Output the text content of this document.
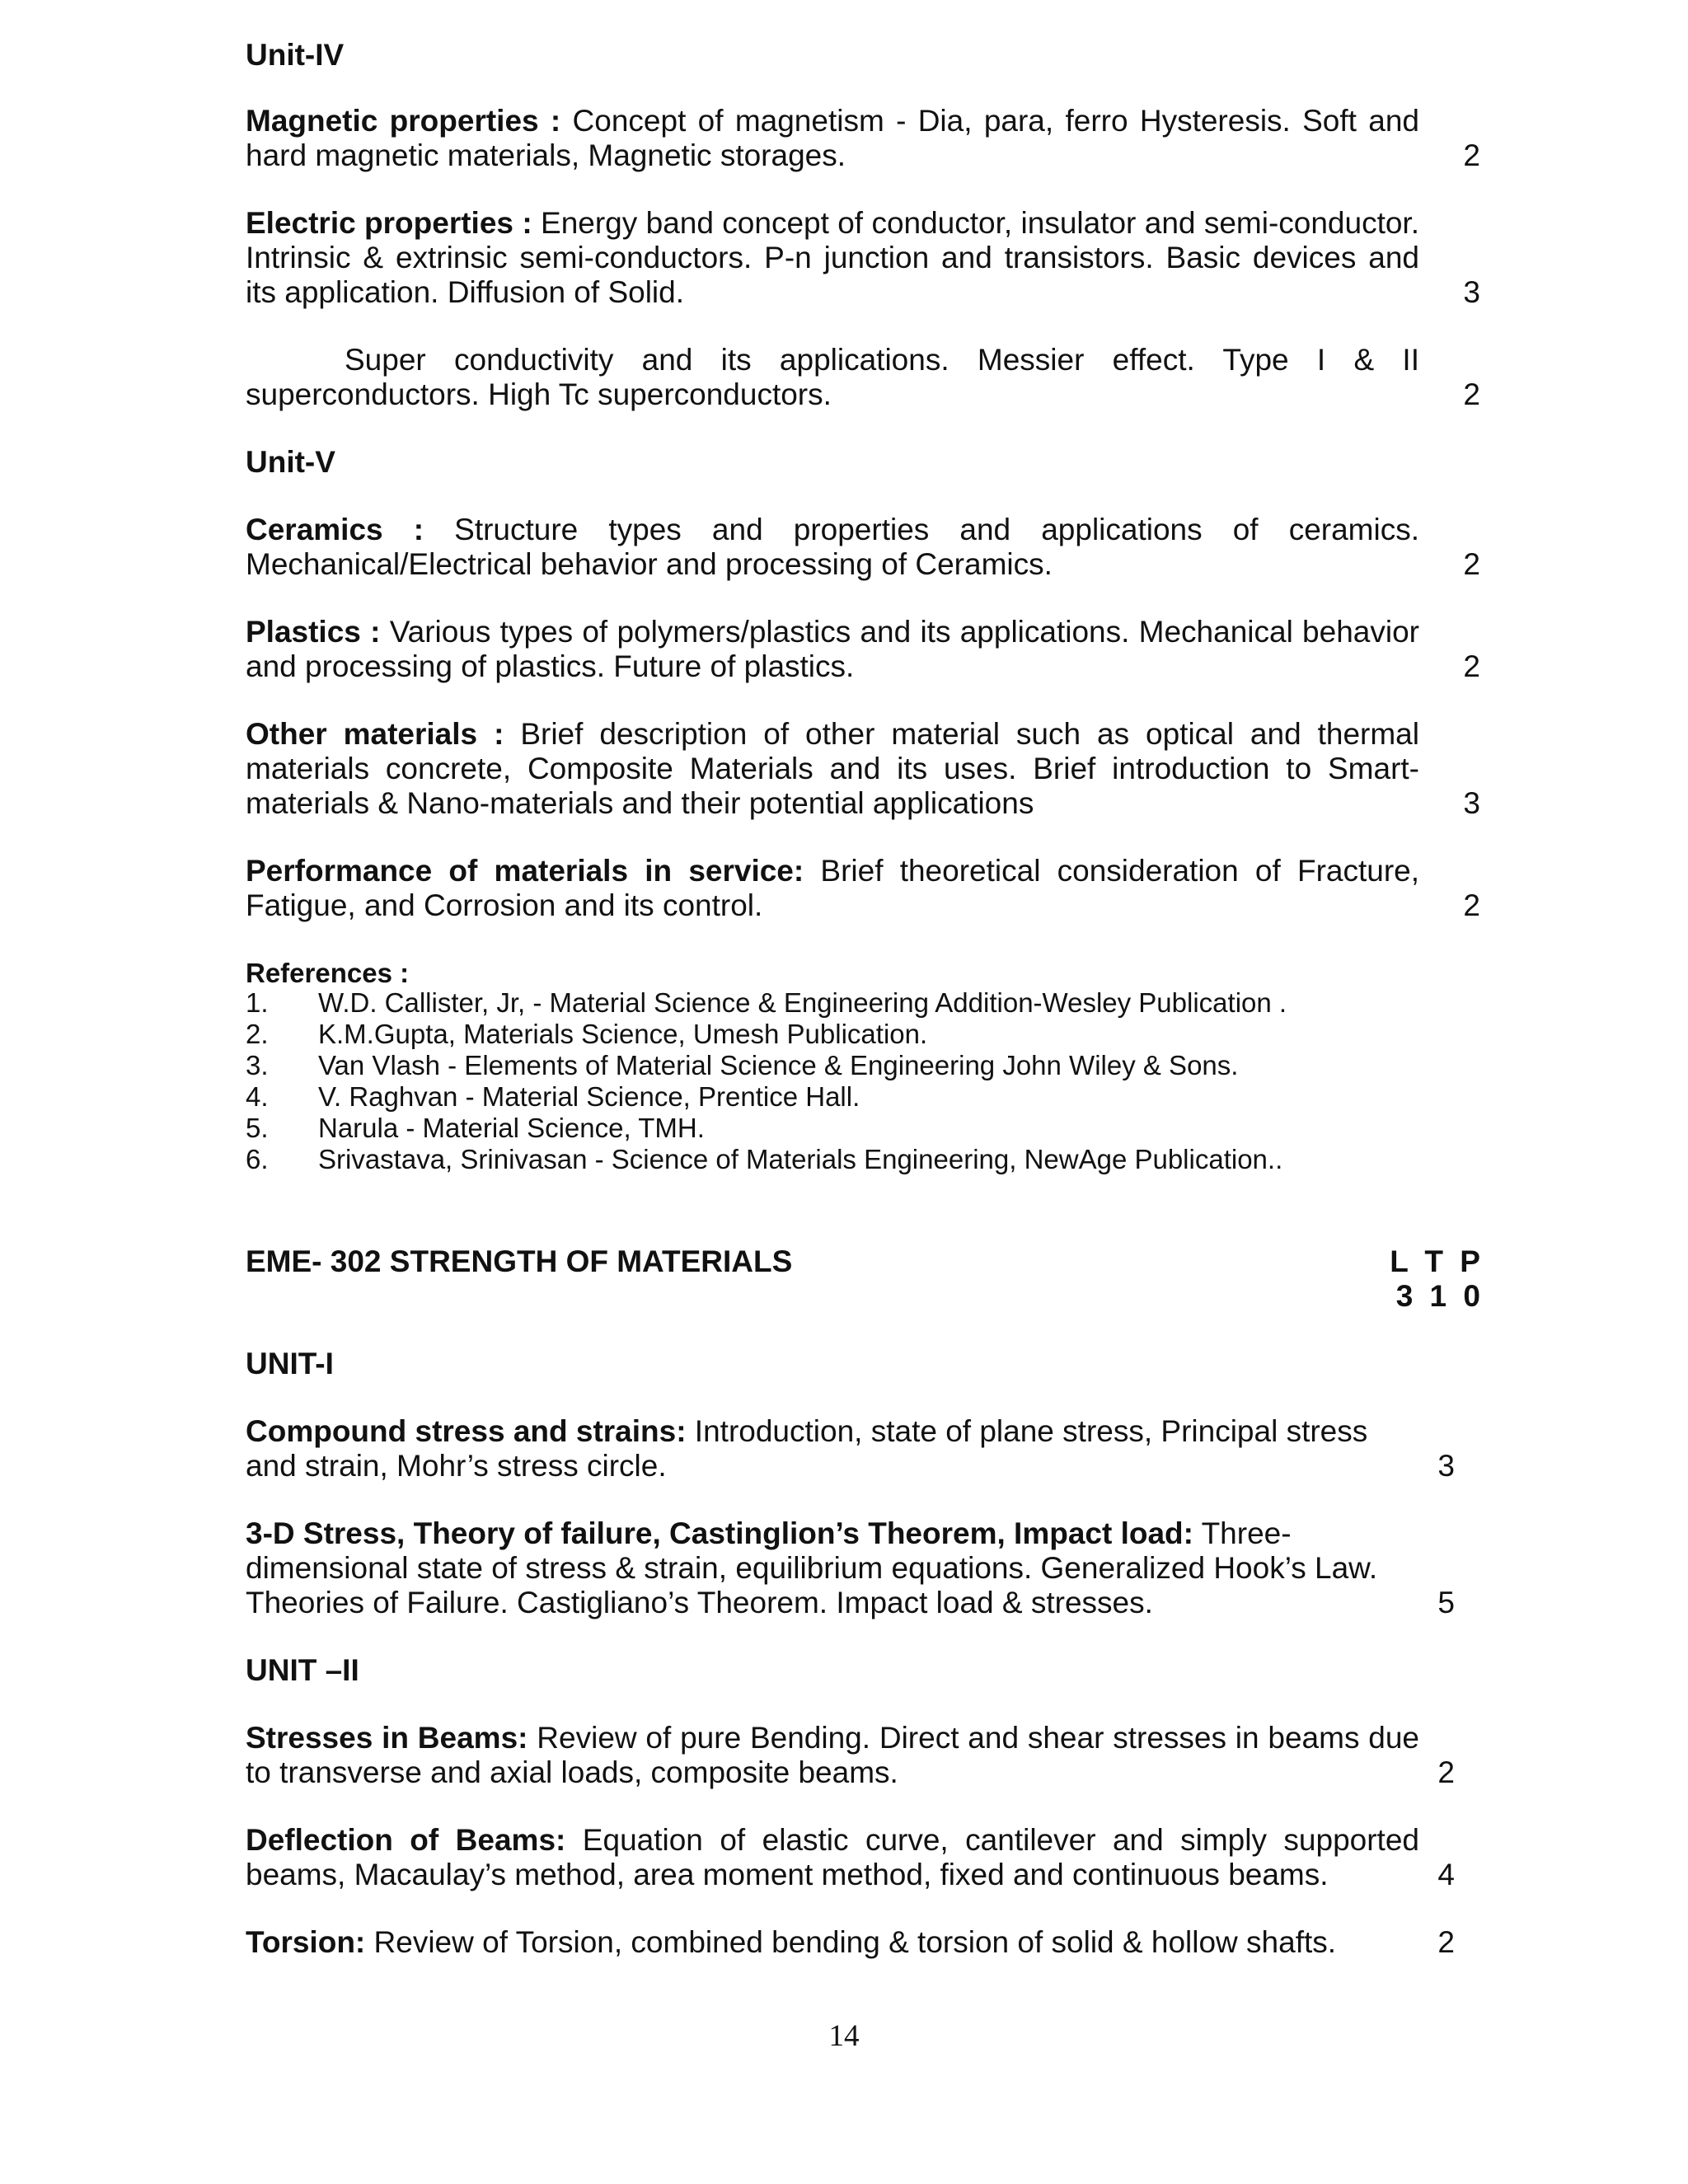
Unit-IV
Magnetic properties : Concept of magnetism - Dia, para, ferro Hysteresis. Soft and hard magnetic materials, Magnetic storages.	2
Electric properties : Energy band concept of conductor, insulator and semi-conductor. Intrinsic & extrinsic semi-conductors. P-n junction and transistors. Basic devices and its application. Diffusion of Solid.	3
Super conductivity and its applications. Messier effect. Type I & II superconductors. High Tc superconductors.	2
Unit-V
Ceramics : Structure types and properties and applications of ceramics. Mechanical/Electrical behavior and processing of Ceramics.	2
Plastics : Various types of polymers/plastics and its applications. Mechanical behavior and processing of plastics. Future of plastics.	2
Other materials : Brief description of other material such as optical and thermal materials concrete, Composite Materials and its uses. Brief introduction to Smart-materials & Nano-materials and their potential applications	3
Performance of materials in service: Brief theoretical consideration of Fracture, Fatigue, and Corrosion and its control.	2
References :
1.	W.D. Callister, Jr, - Material Science & Engineering Addition-Wesley Publication .
2.	K.M.Gupta, Materials Science, Umesh Publication.
3.	Van Vlash - Elements of Material Science & Engineering John Wiley & Sons.
4.	V. Raghvan - Material Science, Prentice Hall.
5.	Narula - Material Science, TMH.
6.	Srivastava, Srinivasan - Science of Materials Engineering, NewAge Publication..
EME- 302 STRENGTH OF MATERIALS	L T P
3 1 0
UNIT-I
Compound stress and strains: Introduction, state of plane stress, Principal stress and strain, Mohr’s stress circle.	3
3-D Stress, Theory of failure, Castinglion’s Theorem, Impact load: Three-dimensional state of stress & strain, equilibrium equations. Generalized Hook’s Law. Theories of Failure. Castigliano’s Theorem. Impact load & stresses.	5
UNIT –II
Stresses in Beams: Review of pure Bending. Direct and shear stresses in beams due to transverse and axial loads, composite beams.	2
Deflection of Beams: Equation of elastic curve, cantilever and simply supported beams, Macaulay’s method, area moment method, fixed and continuous beams.	4
Torsion: Review of Torsion, combined bending & torsion of solid & hollow shafts.	2
14
